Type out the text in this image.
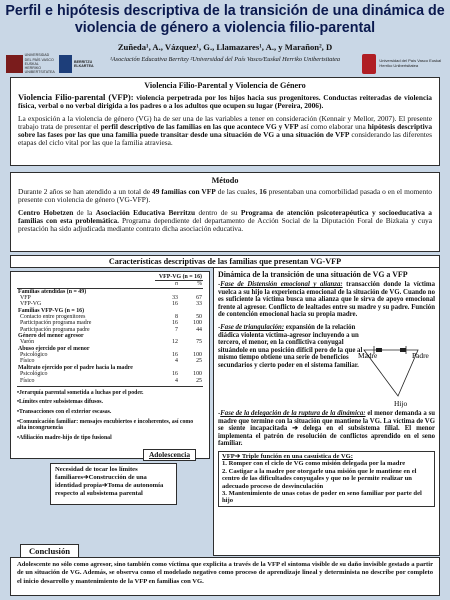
Perfil e hipótesis descriptiva de la transición de una dinámica de violencia de género a violencia filio-parental
Zuñeda¹, A., Vázquez¹, G., Llamazares¹, A., y Marañon², D
¹Asociación Educativa Berritzy ²Universidad del País Vasco/Euskal Herriko Unibertsitatea
UNIVERSIDAD DEL PAÍS VASCO EUSKAL HERRIKO UNIBERTSITATEA
BERRITZU ELKARTEA
Universidad del País Vasco Euskal Herriko Unibertsitatea
Violencia Filio-Parental y Violencia de Género
Violencia Filio-parental (VFP): violencia perpetrada por los hijos hacia sus progenitores. Conductas reiteradas de violencia física, verbal o no verbal dirigida a los padres o a los adultos que ocupen su lugar (Pereira, 2006).
La exposición a la violencia de género (VG) ha de ser una de las variables a tener en consideración (Kennair y Mellor, 2007). El presente trabajo trata de presentar el perfil descriptivo de las familias en las que acontece VG y VFP así como elaborar una hipótesis descriptiva sobre las fases por las que una familia puede transitar desde una situación de VG a una situación de VFP considerando las diferentes etapas del ciclo vital por las que la familia atraviesa.
Método
Durante 2 años se han atendido a un total de 49 familias con VFP de las cuales, 16 presentaban una comorbilidad pasada o en el momento presente con violencia de género (VG-VFP).
Centro Hobetzen de la Asociación Educativa Berritzu dentro de su Programa de atención psicoterapéutica y socioeducativa a familias con esta problemática. Programa dependiente del departamento de Acción Social de la Diputación Foral de Bizkaia y cuya prestación ha sido adjudicada mediante contrato dicha asociación educativa.
Características descriptivas de las familias que presentan VG-VFP
	VFP-VG (n = 16)	
	n	%
Familias atendidas (n = 49)		
VFP	33	67
VFP-VG	16	33
Familias VFP-VG (n = 16)		
Contacto entre progenitores	8	50
Participación programa madre	16	100
Participación programa padre	7	44
Género del menor agresor		
Varón	12	75
Abuso ejercido por el menor		
Psicológico	16	100
Físico	4	25
Maltrato ejercido por el padre hacia la madre		
Psicológico	16	100
Físico	4	25
•Jerarquía parental sometida a luchas por el poder.
•Límites entre subsistemas difusos.
•Transacciones con el exterior escasas.
•Comunicación familiar: mensajes encubiertos e incoherentes, así como alta incongruencia
•Afiliación madre-hijo de tipo fusional
Dinámica de la transición de una situación de VG a VFP
-Fase de Distensión emocional y alianza: transacción donde la víctima vuelca a su hijo la experiencia emocional de la situación de VG. Cuando no es suficiente la víctima busca una alianza que le sirva de apoyo emocional frente al agresor. Conflicto de lealtades entre su madre y su padre. Función de contención emocional hacia su propia madre.
-Fase de triangulación: expansión de la relación diádica violenta víctima-agresor incluyendo a un tercero, el menor, en la conflictiva conyugal situándole en una posición difícil pero de la que al mismo tiempo obtiene una serie de beneficios secundarios y cierto poder en el sistema familiar.
Madre	Padre
Hijo
-Fase de la delegación de la ruptura de la dinámica: el menor demanda a su madre que termine con la situación que mantiene la VG. La víctima de VG se siente incapacitada ➔ delega en el subsistema filial. El menor implementa el patrón de resolución de conflictos aprendido en el seno familiar.
VFP➔ Triple función en una casuística de VG:
1. Romper con el ciclo de VG como misión delegada por la madre
2. Castigar a la madre por otorgarle una misión que le mantiene en el centro de las dificultades conyugales y que no le permite realizar un adecuado proceso de desvinculación
3. Mantenimiento de unas cotas de poder en seno familiar por parte del hijo
Adolescencia
Necesidad de tocar los límites familiares➔Construcción de una identidad propia➔Toma de autonomía respecto al subsistema parental
Conclusión
Adolescente no sólo como agresor, sino también como víctima que explicita a través de la VFP el síntoma visible de su daño invisible gestado a partir de un situación de VG. Además, se observa como el modelado negativo como proceso de aprendizaje lineal y determinista no describe por completo el inicio desarrollo y mantenimiento de la VFP en familias con VG.
